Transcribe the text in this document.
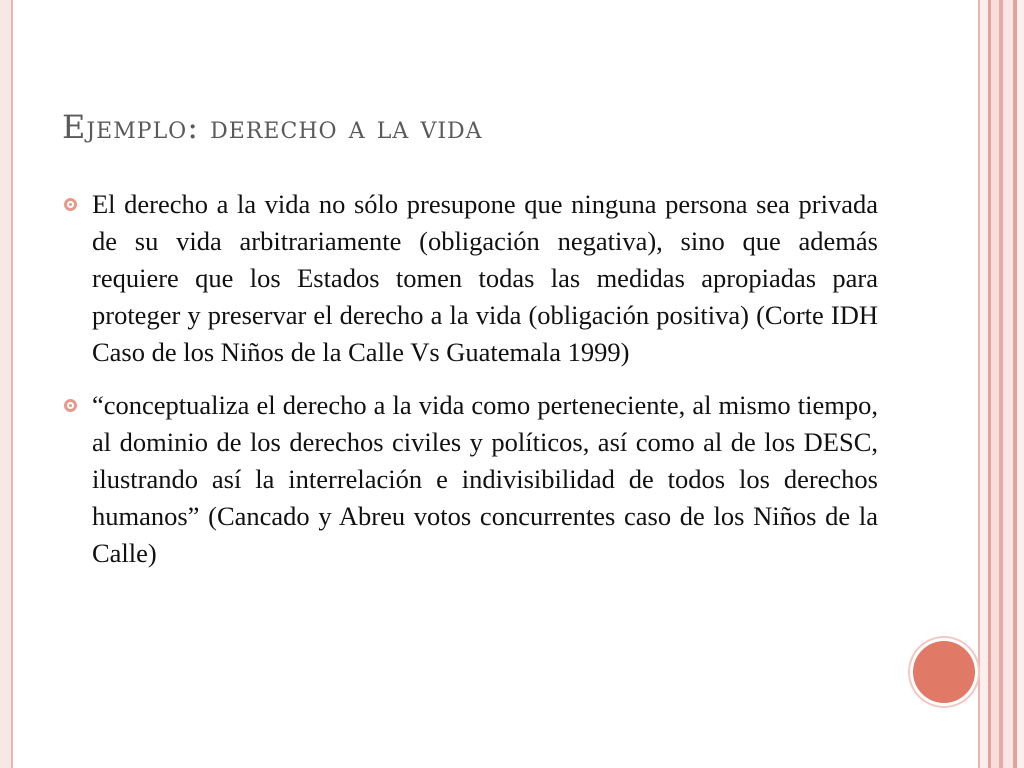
Ejemplo: derecho a la vida
El derecho a la vida no sólo presupone que ninguna persona sea privada de su vida arbitrariamente (obligación negativa), sino que además requiere que los Estados tomen todas las medidas apropiadas para proteger y preservar el derecho a la vida (obligación positiva) (Corte IDH Caso de los Niños de la Calle Vs Guatemala 1999)
“conceptualiza el derecho a la vida como perteneciente, al mismo tiempo, al dominio de los derechos civiles y políticos, así como al de los DESC, ilustrando así la interrelación e indivisibilidad de todos los derechos humanos” (Cancado y Abreu votos concurrentes caso de los Niños de la Calle)
